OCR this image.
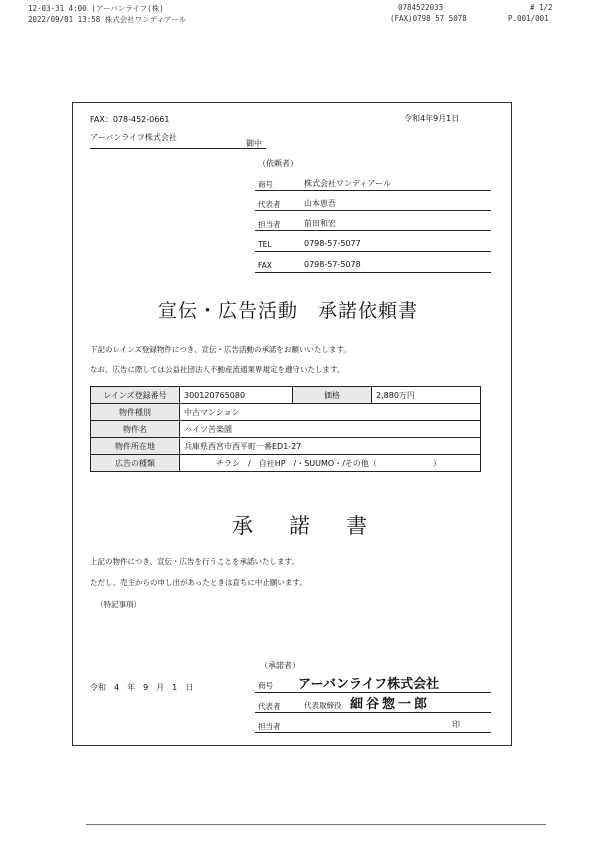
12-03-31 4:00 (アーバンライフ(株)	0784522033	# 1/2
2022/09/01 13:58 株式会社ワンディアール	(FAX)0798 57 5078	P.001/001
FAX：078-452-0661	令和4年9月1日
アーバンライフ株式会社
御中
（依頼者）
商号	株式会社ワンディアール
代表者	山本恵吾
担当者	前田和宏
TEL	0798-57-5077
FAX	0798-57-5078
宣伝・広告活動　承諾依頼書
下記のレインズ登録物件につき、宣伝・広告活動の承諾をお願いいたします。
なお、広告に際しては公益社団法人不動産流通業界規定を遵守いたします。
レインズ登録番号	300120765080	価格	2,880万円
物件種別	中古マンション		
物件名	ハイツ苦楽園		
物件所在地	兵庫県西宮市西平町一番ED1-27		
広告の種類	チラシ　/　自社HP　/・SUUMO・/その他（　　　　　　　）		
承諾書
上記の物件につき、宣伝・広告を行うことを承諾いたします。
ただし、売主からの申し出があったときは直ちに中止願います。
（特記事項）
（承諾者）
令和　4　年　9　月　1　日	商号 アーバンライフ株式会社
代表者	代表取締役 細谷惣一郎
担当者	印
